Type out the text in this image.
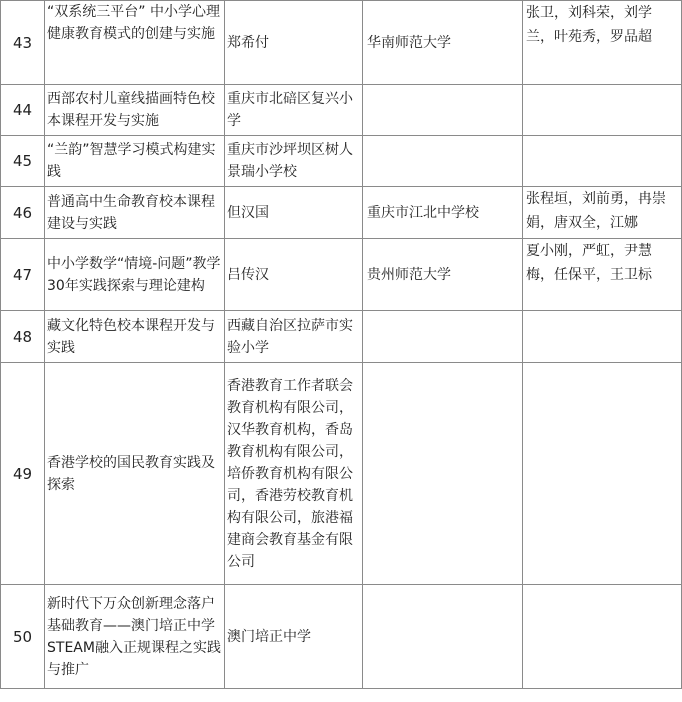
43	“双系统三平台” 中小学心理健康教育模式的创建与实施	郑希付	华南师范大学	张卫，刘科荣，刘学兰，叶苑秀，罗品超
44	西部农村儿童线描画特色校本课程开发与实施	重庆市北碚区复兴小学		
45	“兰韵”智慧学习模式构建实践	重庆市沙坪坝区树人景瑞小学校		
46	普通高中生命教育校本课程建设与实践	但汉国	重庆市江北中学校	张程垣，刘前勇，冉崇娟，唐双全，江娜
47	中小学数学“情境-问题”教学30年实践探索与理论建构	吕传汉	贵州师范大学	夏小刚，严虹，尹慧梅，任保平，王卫标
48	藏文化特色校本课程开发与实践	西藏自治区拉萨市实验小学		
49	香港学校的国民教育实践及探索	香港教育工作者联会教育机构有限公司，汉华教育机构，香岛教育机构有限公司，培侨教育机构有限公司，香港劳校教育机构有限公司，旅港福建商会教育基金有限公司		
50	新时代下万众创新理念落户基础教育——澳门培正中学STEAM融入正规课程之实践与推广	澳门培正中学		
